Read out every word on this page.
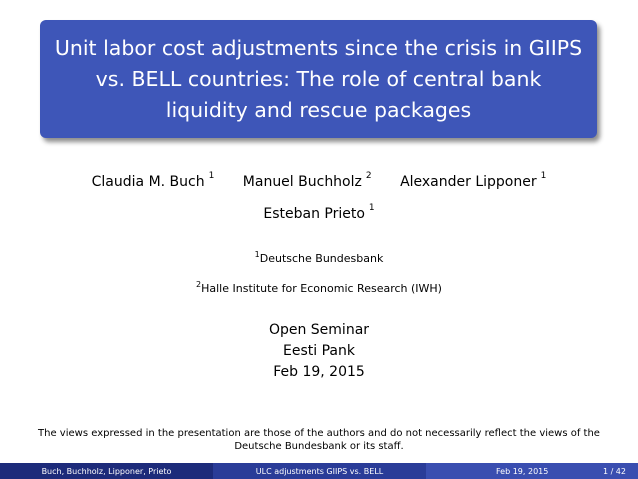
Unit labor cost adjustments since the crisis in GIIPS vs. BELL countries: The role of central bank liquidity and rescue packages
Claudia M. Buch $^1$ Manuel Buchholz $^2$ Alexander Lipponer $^1$
Esteban Prieto $^1$
$^1$Deutsche Bundesbank
$^2$Halle Institute for Economic Research (IWH)
Open Seminar
Eesti Pank
Feb 19, 2015
The views expressed in the presentation are those of the authors and do not necessarily reflect the views of the Deutsche Bundesbank or its staff.
Buch, Buchholz, Lipponer, Prieto	ULC adjustments GIIPS vs. BELL	Feb 19, 2015	1 / 42
